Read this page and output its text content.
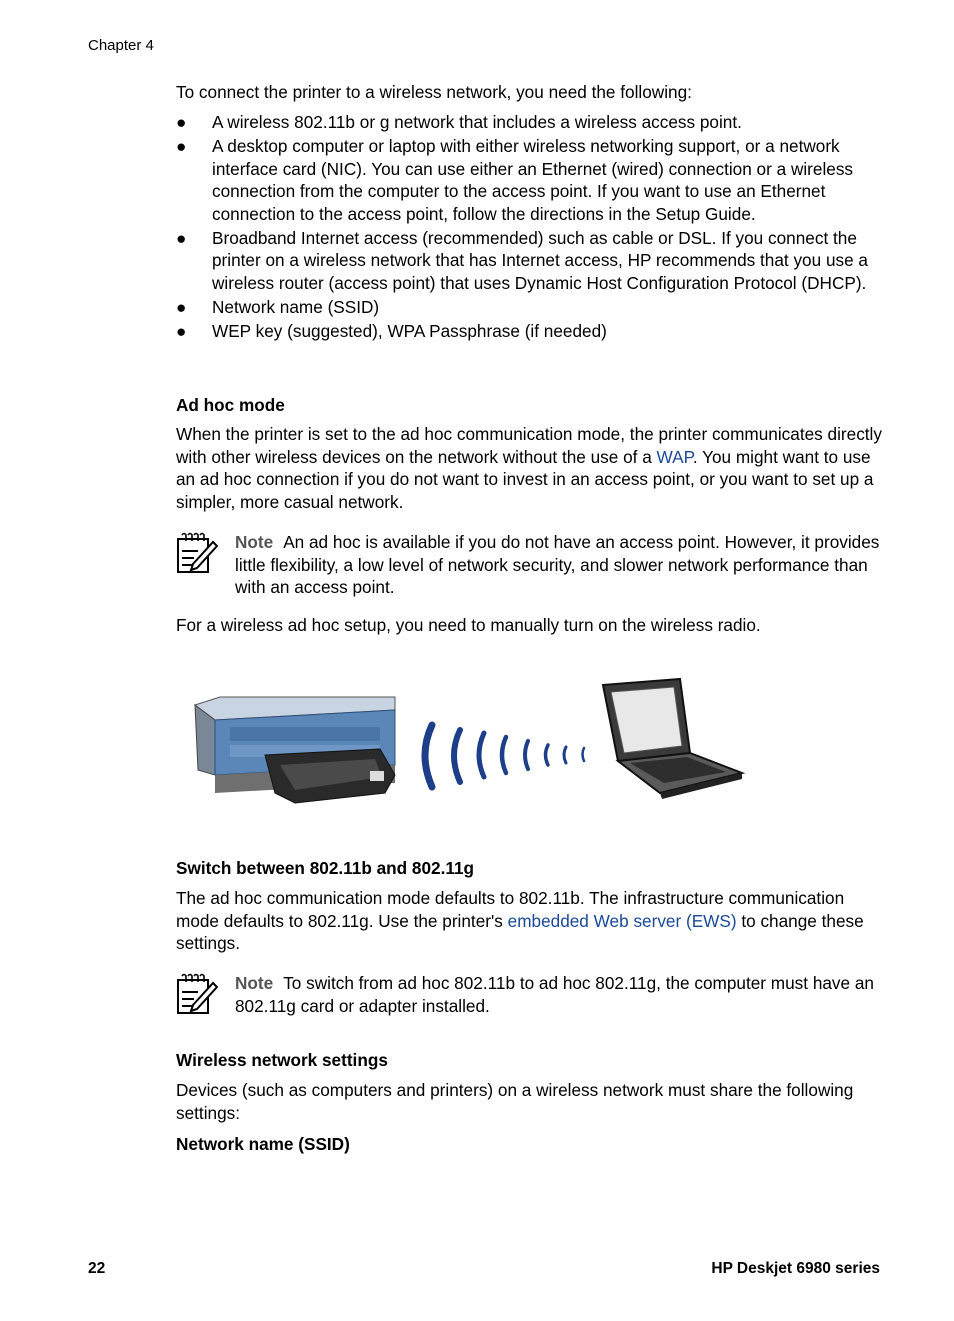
Chapter 4
To connect the printer to a wireless network, you need the following:
● A wireless 802.11b or g network that includes a wireless access point.
● A desktop computer or laptop with either wireless networking support, or a network interface card (NIC). You can use either an Ethernet (wired) connection or a wireless connection from the computer to the access point. If you want to use an Ethernet connection to the access point, follow the directions in the Setup Guide.
● Broadband Internet access (recommended) such as cable or DSL. If you connect the printer on a wireless network that has Internet access, HP recommends that you use a wireless router (access point) that uses Dynamic Host Configuration Protocol (DHCP).
● Network name (SSID)
● WEP key (suggested), WPA Passphrase (if needed)
Ad hoc mode
When the printer is set to the ad hoc communication mode, the printer communicates directly with other wireless devices on the network without the use of a WAP. You might want to use an ad hoc connection if you do not want to invest in an access point, or you want to set up a simpler, more casual network.
Note An ad hoc is available if you do not have an access point. However, it provides little flexibility, a low level of network security, and slower network performance than with an access point.
For a wireless ad hoc setup, you need to manually turn on the wireless radio.
Switch between 802.11b and 802.11g
The ad hoc communication mode defaults to 802.11b. The infrastructure communication mode defaults to 802.11g. Use the printer's embedded Web server (EWS) to change these settings.
Note To switch from ad hoc 802.11b to ad hoc 802.11g, the computer must have an 802.11g card or adapter installed.
Wireless network settings
Devices (such as computers and printers) on a wireless network must share the following settings:
Network name (SSID)
22	HP Deskjet 6980 series
